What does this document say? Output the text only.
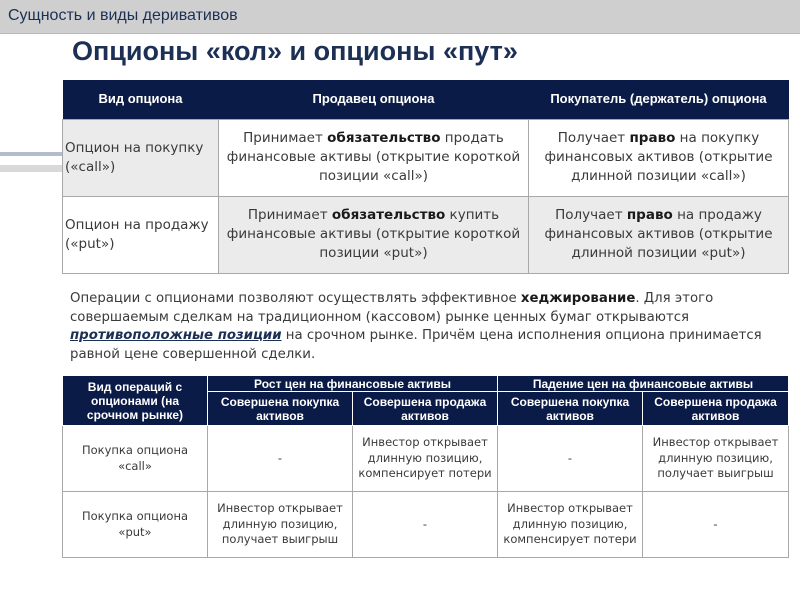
Сущность и виды деривативов
Опционы «кол» и опционы «пут»
Вид опциона	Продавец опциона	Покупатель (держатель) опциона
Опцион на покупку («call»)	Принимает обязательство продать финансовые активы (открытие короткой позиции «call»)	Получает право на покупку финансовых активов (открытие длинной позиции «call»)
Опцион на продажу («put»)	Принимает обязательство купить финансовые активы (открытие короткой позиции «put»)	Получает право на продажу финансовых активов (открытие длинной позиции «put»)

Операции с опционами позволяют осуществлять эффективное хеджирование. Для этого совершаемым сделкам на традиционном (кассовом) рынке ценных бумаг открываются противоположные позиции на срочном рынке. Причём цена исполнения опциона принимается равной цене совершенной сделки.

Вид операций с опционами (на срочном рынке)	Рост цен на финансовые активы		Падение цен на финансовые активы	
	Совершена покупка активов	Совершена продажа активов	Совершена покупка активов	Совершена продажа активов
Покупка опциона «call»	-	Инвестор открывает длинную позицию, компенсирует потери	-	Инвестор открывает длинную позицию, получает выигрыш
Покупка опциона «put»	Инвестор открывает длинную позицию, получает выигрыш	-	Инвестор открывает длинную позицию, компенсирует потери	-
